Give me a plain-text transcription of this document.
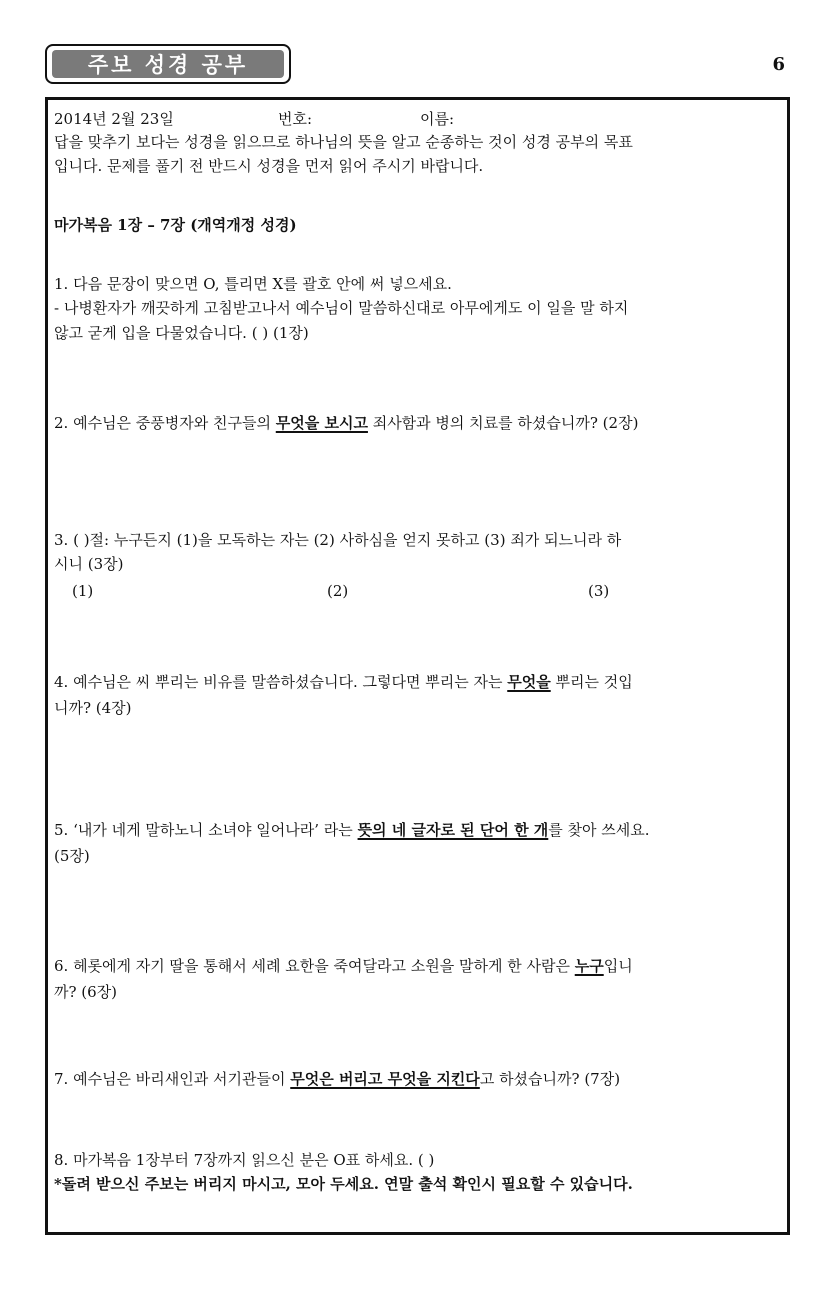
주보 성경 공부	6
2014년 2월 23일	번호:	이름:
답을 맞추기 보다는 성경을 읽으므로 하나님의 뜻을 알고 순종하는 것이 성경 공부의 목표
입니다. 문제를 풀기 전 반드시 성경을 먼저 읽어 주시기 바랍니다.
마가복음 1장 – 7장 (개역개정 성경)
1. 다음 문장이 맞으면 O, 틀리면 X를 괄호 안에 써 넣으세요.
- 나병환자가 깨끗하게 고침받고나서 예수님이 말씀하신대로 아무에게도 이 일을 말 하지
않고 굳게 입을 다물었습니다. ( ) (1장)
2. 예수님은 중풍병자와 친구들의 무엇을 보시고 죄사함과 병의 치료를 하셨습니까? (2장)
3. ( )절: 누구든지 (1)을 모독하는 자는 (2) 사하심을 얻지 못하고 (3) 죄가 되느니라 하
시니 (3장)
(1)	(2)	(3)
4. 예수님은 씨 뿌리는 비유를 말씀하셨습니다. 그렇다면 뿌리는 자는 무엇을 뿌리는 것입
니까? (4장)
5. ‘내가 네게 말하노니 소녀야 일어나라’ 라는 뜻의 네 글자로 된 단어 한 개를 찾아 쓰세요.
(5장)
6. 헤롯에게 자기 딸을 통해서 세례 요한을 죽여달라고 소원을 말하게 한 사람은 누구입니
까? (6장)
7. 예수님은 바리새인과 서기관들이 무엇은 버리고 무엇을 지킨다고 하셨습니까? (7장)
8. 마가복음 1장부터 7장까지 읽으신 분은 O표 하세요. ( )
*돌려 받으신 주보는 버리지 마시고, 모아 두세요. 연말 출석 확인시 필요할 수 있습니다.
